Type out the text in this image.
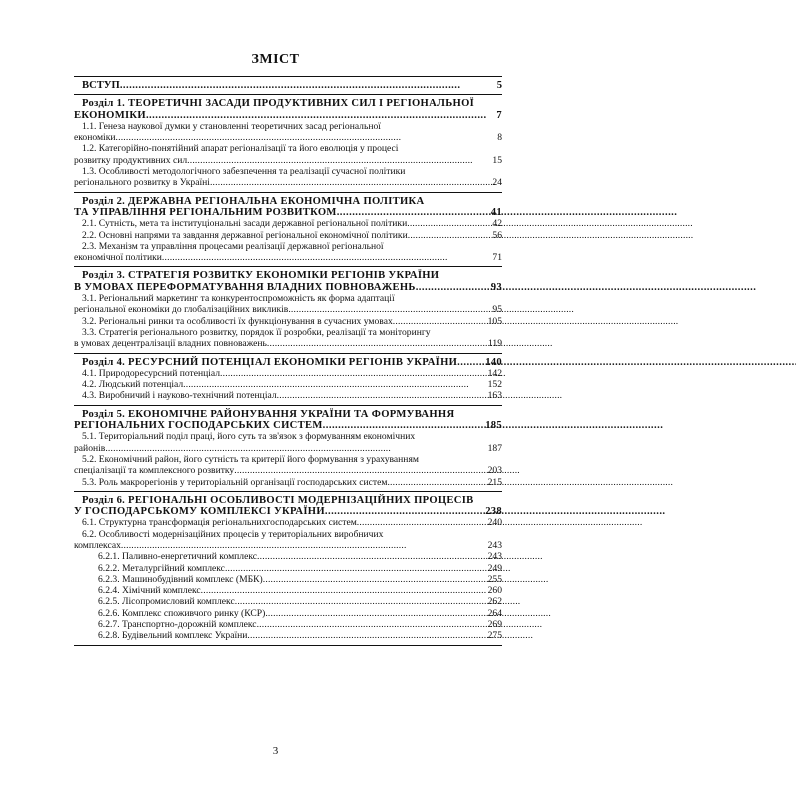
ЗМІСТ
ВСТУП . . .	5
Розділ 1. ТЕОРЕТИЧНІ ЗАСАДИ ПРОДУКТИВНИХ СИЛ І РЕГІОНАЛЬНОЇ
ЕКОНОМІКИ . . .	7
1.1. Генеза наукової думки у становленні теоретичних засад регіональної
економіки . . .	8
1.2. Категорійно-понятійний апарат регіоналізації та його еволюція у процесі
розвитку продуктивних сил . . .	15
1.3. Особливості методологічного забезпечення та реалізації сучасної політики
регіонального розвитку в Україні . . .	24
Розділ 2. ДЕРЖАВНА РЕГІОНАЛЬНА ЕКОНОМІЧНА ПОЛІТИКА
ТА УПРАВЛІННЯ РЕГІОНАЛЬНИМ РОЗВИТКОМ . . .	41
2.1. Сутність, мета та інституціональні засади державної регіональної політики . . .	42
2.2. Основні напрями та завдання державної регіональної економічної політики . . .	56
2.3. Механізм та управління процесами реалізації державної регіональної
економічної політики . . .	71
Розділ 3. СТРАТЕГІЯ РОЗВИТКУ ЕКОНОМІКИ РЕГІОНІВ УКРАЇНИ
В УМОВАХ ПЕРЕФОРМАТУВАННЯ ВЛАДНИХ ПОВНОВАЖЕНЬ . . .	93
3.1. Регіональний маркетинг та конкурентоспроможність як форма адаптації
регіональної економіки до глобалізаційних викликів . . .	95
3.2. Регіональні ринки та особливості їх функціонування в сучасних умовах . . .	105
3.3. Стратегія регіонального розвитку, порядок її розробки, реалізації та моніторингу
в умовах децентралізації владних повноважень . . .	119
Розділ 4. РЕСУРСНИЙ ПОТЕНЦІАЛ ЕКОНОМІКИ РЕГІОНІВ УКРАЇНИ . . .	140
4.1. Природоресурсний потенціал . . .	142
4.2. Людський потенціал . . .	152
4.3. Виробничий і науково-технічний потенціал . . .	163
Розділ 5. ЕКОНОМІЧНЕ РАЙОНУВАННЯ УКРАЇНИ ТА ФОРМУВАННЯ
РЕГІОНАЛЬНИХ ГОСПОДАРСЬКИХ СИСТЕМ . . .	185
5.1. Територіальний поділ праці, його суть та зв'язок з формуванням економічних
районів . . .	187
5.2. Економічний район, його сутність та критерії його формування з урахуванням
спеціалізації та комплексного розвитку . . .	203
5.3. Роль макрорегіонів у територіальній організації господарських систем . . .	215
Розділ 6. РЕГІОНАЛЬНІ ОСОБЛИВОСТІ МОДЕРНІЗАЦІЙНИХ ПРОЦЕСІВ
У ГОСПОДАРСЬКОМУ КОМПЛЕКСІ УКРАЇНИ . . .	238
6.1. Структурна трансформація регіональнихгосподарських систем . . .	240
6.2. Особливості модернізаційних процесів у територіальних виробничих
комплексах . . .	243
6.2.1. Паливно-енергетичний комплекс . . .	243
6.2.2. Металургійний комплекс . . .	249
6.2.3. Машинобудівний комплекс (МБК) . . .	255
6.2.4. Хімічний комплекс . . .	260
6.2.5. Лісопромисловий комплекс . . .	262
6.2.6. Комплекс споживчого ринку (КСР) . . .	264
6.2.7. Транспортно-дорожній комплекс . . .	269
6.2.8. Будівельний комплекс України . . .	275
3
